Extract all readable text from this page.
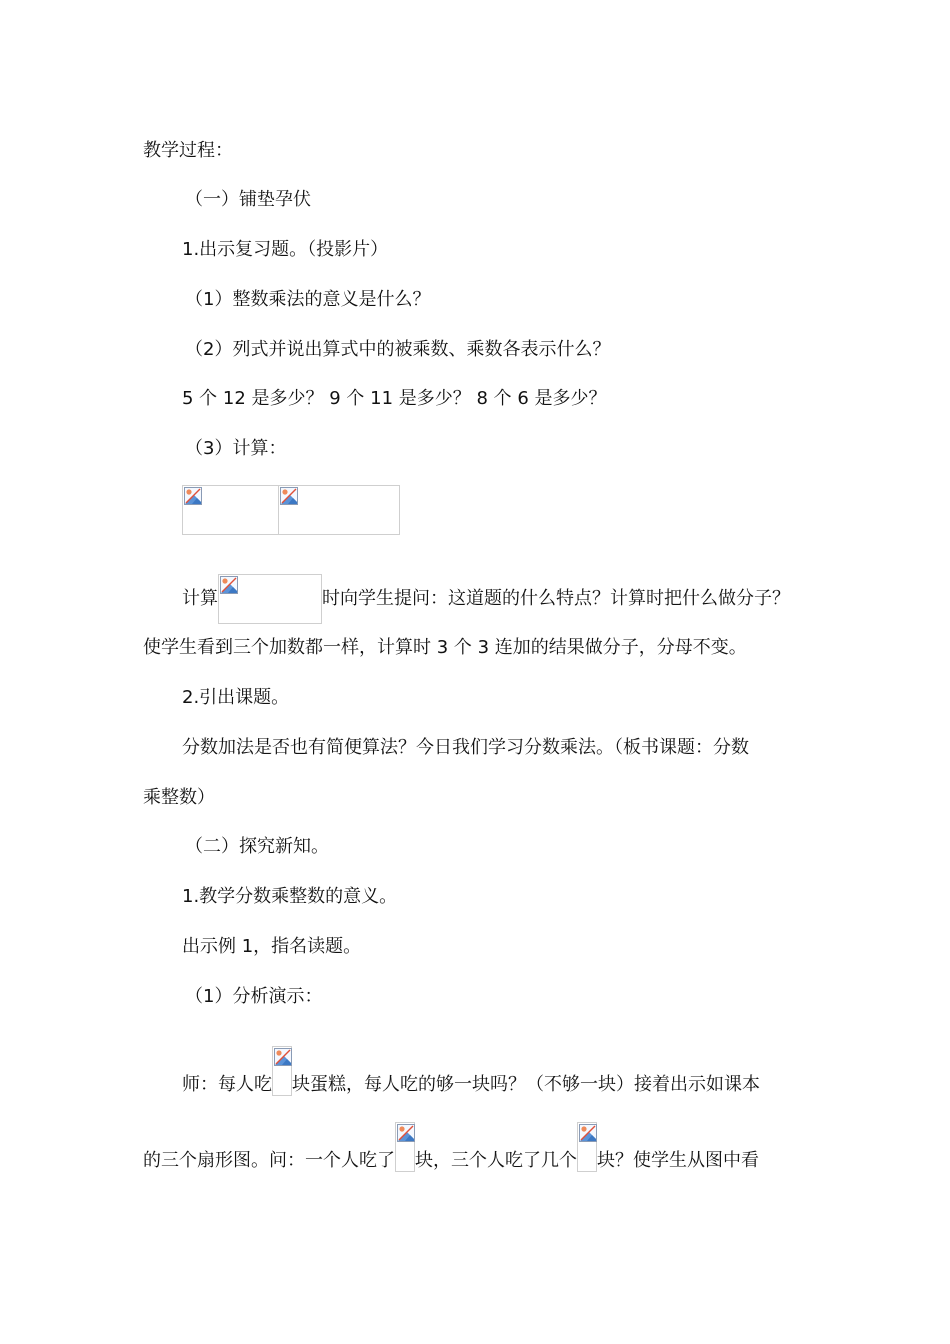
教学过程：
（一）铺垫孕伏
1.出示复习题。（投影片）
（1）整数乘法的意义是什么？
（2）列式并说出算式中的被乘数、乘数各表示什么？
5 个 12 是多少？ 9 个 11 是多少？ 8 个 6 是多少？
（3）计算：
计算	时向学生提问：这道题的什么特点？计算时把什么做分子？
使学生看到三个加数都一样，计算时 3 个 3 连加的结果做分子，分母不变。
2.引出课题。
分数加法是否也有简便算法？今日我们学习分数乘法。（板书课题：分数
乘整数）
（二）探究新知。
1.教学分数乘整数的意义。
出示例 1，指名读题。
（1）分析演示：
师：每人吃 块蛋糕，每人吃的够一块吗？（不够一块）接着出示如课本
的三个扇形图。问：一个人吃了 块，三个人吃了几个 块？使学生从图中看
